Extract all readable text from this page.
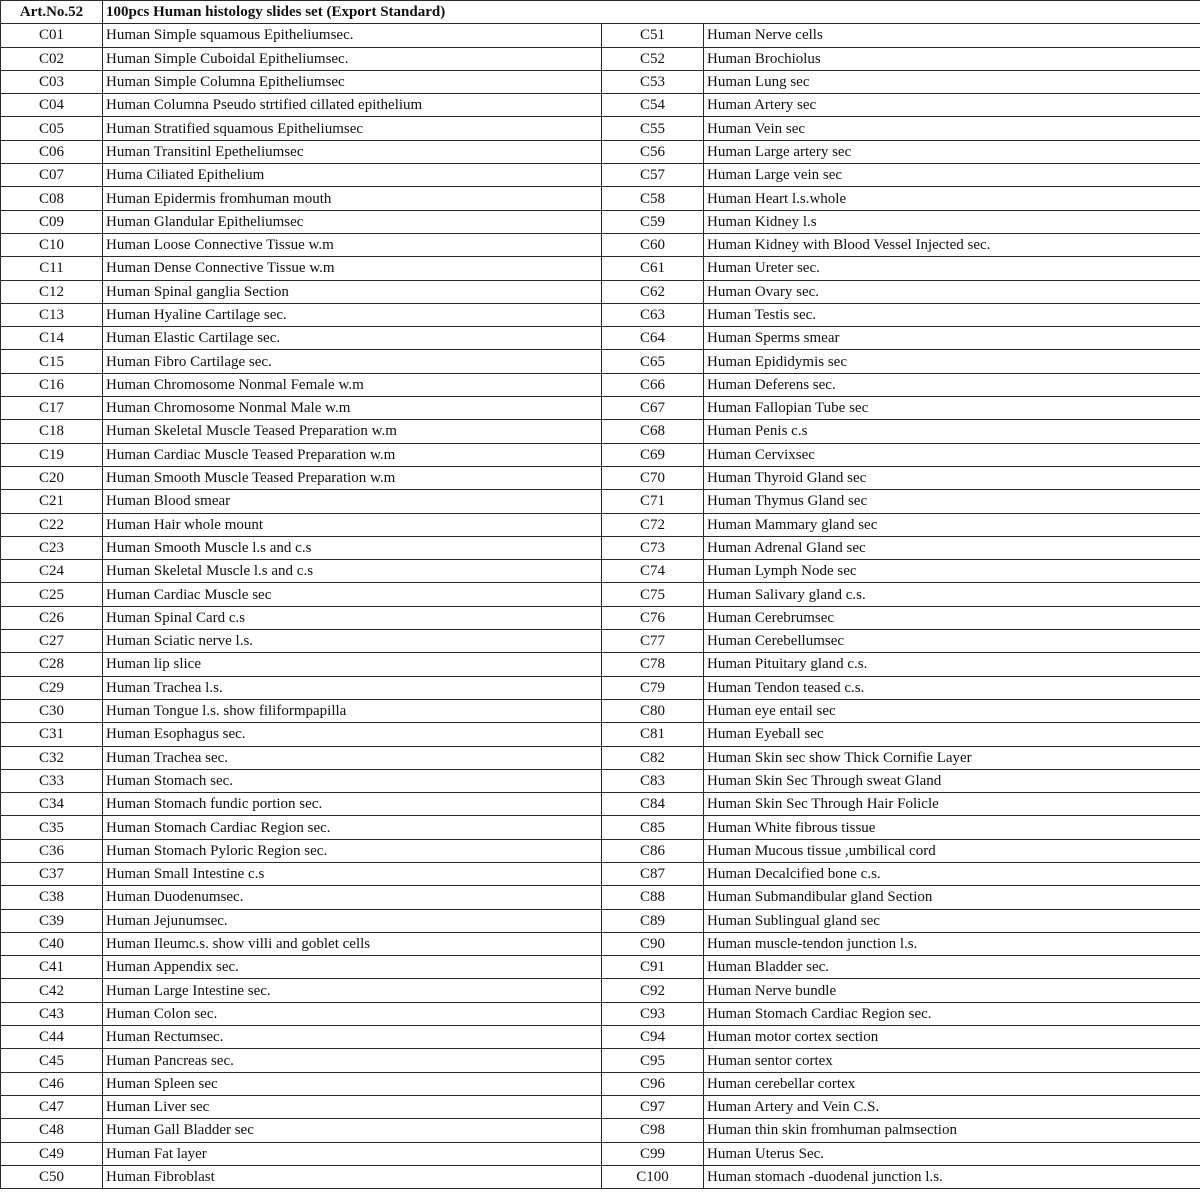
Art.No.52	100pcs Human histology slides set (Export Standard)		
C01	Human Simple squamous Epitheliumsec.	C51	Human Nerve cells
C02	Human Simple Cuboidal Epitheliumsec.	C52	Human Brochiolus
C03	Human Simple Columna Epitheliumsec	C53	Human Lung sec
C04	Human Columna Pseudo strtified cillated epithelium	C54	Human Artery sec
C05	Human Stratified squamous Epitheliumsec	C55	Human Vein sec
C06	Human Transitinl Epetheliumsec	C56	Human Large artery sec
C07	Huma Ciliated Epithelium	C57	Human Large vein sec
C08	Human Epidermis fromhuman mouth	C58	Human Heart l.s.whole
C09	Human Glandular Epitheliumsec	C59	Human Kidney l.s
C10	Human Loose Connective Tissue w.m	C60	Human Kidney with Blood Vessel Injected sec.
C11	Human Dense Connective Tissue w.m	C61	Human Ureter sec.
C12	Human Spinal ganglia Section	C62	Human Ovary sec.
C13	Human Hyaline Cartilage sec.	C63	Human Testis sec.
C14	Human Elastic Cartilage sec.	C64	Human Sperms smear
C15	Human Fibro Cartilage sec.	C65	Human Epididymis sec
C16	Human Chromosome Nonmal Female w.m	C66	Human Deferens sec.
C17	Human Chromosome Nonmal Male w.m	C67	Human Fallopian Tube sec
C18	Human Skeletal Muscle Teased Preparation w.m	C68	Human Penis c.s
C19	Human Cardiac Muscle Teased Preparation w.m	C69	Human Cervixsec
C20	Human Smooth Muscle Teased Preparation w.m	C70	Human Thyroid Gland sec
C21	Human Blood smear	C71	Human Thymus Gland sec
C22	Human Hair whole mount	C72	Human Mammary gland sec
C23	Human Smooth Muscle l.s and c.s	C73	Human Adrenal Gland sec
C24	Human Skeletal Muscle l.s and c.s	C74	Human Lymph Node sec
C25	Human Cardiac Muscle sec	C75	Human Salivary gland c.s.
C26	Human Spinal Card c.s	C76	Human Cerebrumsec
C27	Human Sciatic nerve l.s.	C77	Human Cerebellumsec
C28	Human lip slice	C78	Human Pituitary gland c.s.
C29	Human Trachea l.s.	C79	Human Tendon teased c.s.
C30	Human Tongue l.s. show filiformpapilla	C80	Human eye entail sec
C31	Human Esophagus sec.	C81	Human Eyeball sec
C32	Human Trachea sec.	C82	Human Skin sec show Thick Cornifie Layer
C33	Human Stomach sec.	C83	Human Skin Sec Through sweat Gland
C34	Human Stomach fundic portion sec.	C84	Human Skin Sec Through Hair Folicle
C35	Human Stomach Cardiac Region sec.	C85	Human White fibrous tissue
C36	Human Stomach Pyloric Region sec.	C86	Human Mucous tissue ,umbilical cord
C37	Human Small Intestine c.s	C87	Human Decalcified bone c.s.
C38	Human Duodenumsec.	C88	Human Submandibular gland Section
C39	Human Jejunumsec.	C89	Human Sublingual gland sec
C40	Human Ileumc.s. show villi and goblet cells	C90	Human muscle-tendon junction l.s.
C41	Human Appendix sec.	C91	Human Bladder sec.
C42	Human Large Intestine sec.	C92	Human Nerve bundle
C43	Human Colon sec.	C93	Human Stomach Cardiac Region sec.
C44	Human Rectumsec.	C94	Human motor cortex section
C45	Human Pancreas sec.	C95	Human sentor cortex
C46	Human Spleen sec	C96	Human cerebellar cortex
C47	Human Liver sec	C97	Human Artery and Vein C.S.
C48	Human Gall Bladder sec	C98	Human thin skin fromhuman palmsection
C49	Human Fat layer	C99	Human Uterus Sec.
C50	Human Fibroblast	C100	Human stomach -duodenal junction l.s.
